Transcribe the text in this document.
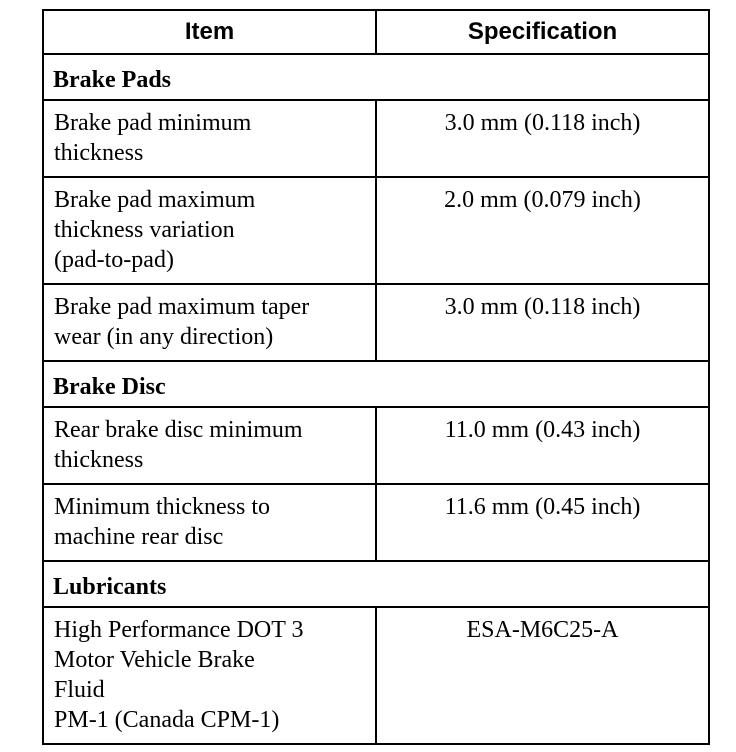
Item	Specification
Brake Pads	
Brake pad minimum
thickness	3.0 mm (0.118 inch)
Brake pad maximum
thickness variation
(pad-to-pad)	2.0 mm (0.079 inch)
Brake pad maximum taper
wear (in any direction)	3.0 mm (0.118 inch)
Brake Disc	
Rear brake disc minimum
thickness	11.0 mm (0.43 inch)
Minimum thickness to
machine rear disc	11.6 mm (0.45 inch)
Lubricants	
High Performance DOT 3
Motor Vehicle Brake
Fluid
PM-1 (Canada CPM-1)	ESA-M6C25-A
